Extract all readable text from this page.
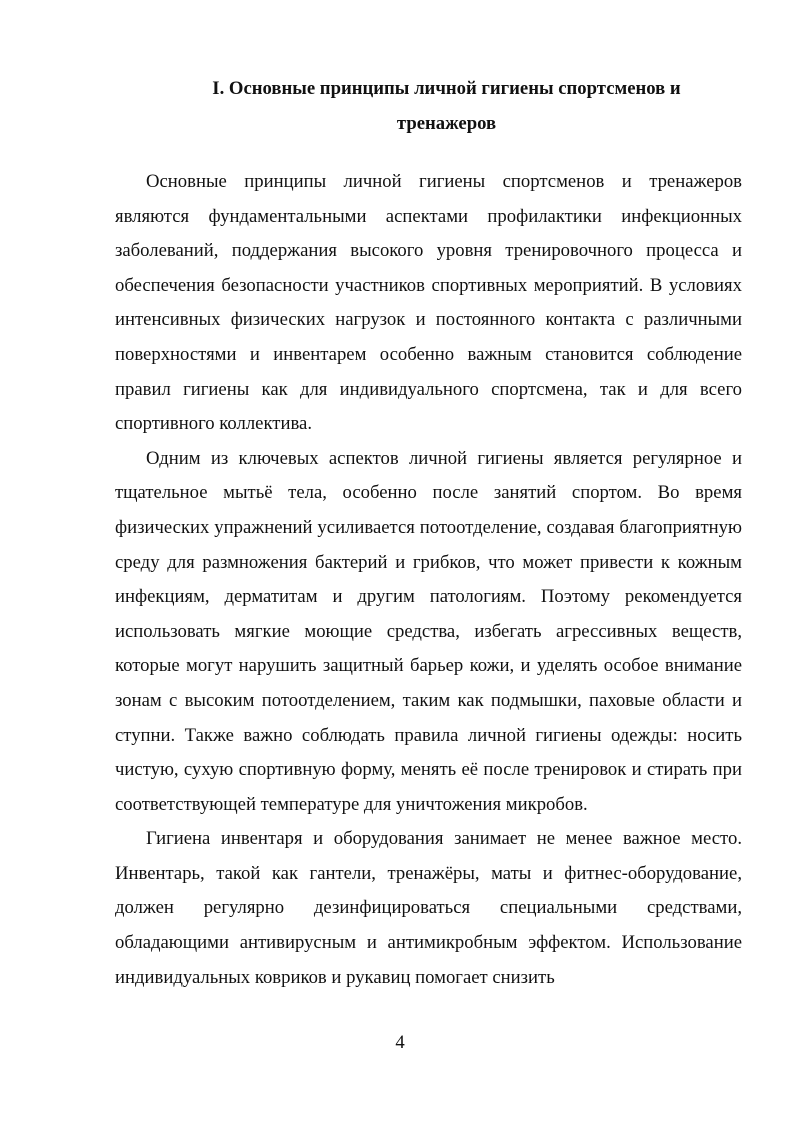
I. Основные принципы личной гигиены спортсменов и
тренажеров

Основные принципы личной гигиены спортсменов и тренажеров являются фундаментальными аспектами профилактики инфекционных заболеваний, поддержания высокого уровня тренировочного процесса и обеспечения безопасности участников спортивных мероприятий. В условиях интенсивных физических нагрузок и постоянного контакта с различными поверхностями и инвентарем особенно важным становится соблюдение правил гигиены как для индивидуального спортсмена, так и для всего спортивного коллектива.

Одним из ключевых аспектов личной гигиены является регулярное и тщательное мытьё тела, особенно после занятий спортом. Во время физических упражнений усиливается потоотделение, создавая благоприятную среду для размножения бактерий и грибков, что может привести к кожным инфекциям, дерматитам и другим патологиям. Поэтому рекомендуется использовать мягкие моющие средства, избегать агрессивных веществ, которые могут нарушить защитный барьер кожи, и уделять особое внимание зонам с высоким потоотделением, таким как подмышки, паховые области и ступни. Также важно соблюдать правила личной гигиены одежды: носить чистую, сухую спортивную форму, менять её после тренировок и стирать при соответствующей температуре для уничтожения микробов.

Гигиена инвентаря и оборудования занимает не менее важное место. Инвентарь, такой как гантели, тренажёры, маты и фитнес-оборудование, должен регулярно дезинфицироваться специальными средствами, обладающими антивирусным и антимикробным эффектом. Использование индивидуальных ковриков и рукавиц помогает снизить

4
